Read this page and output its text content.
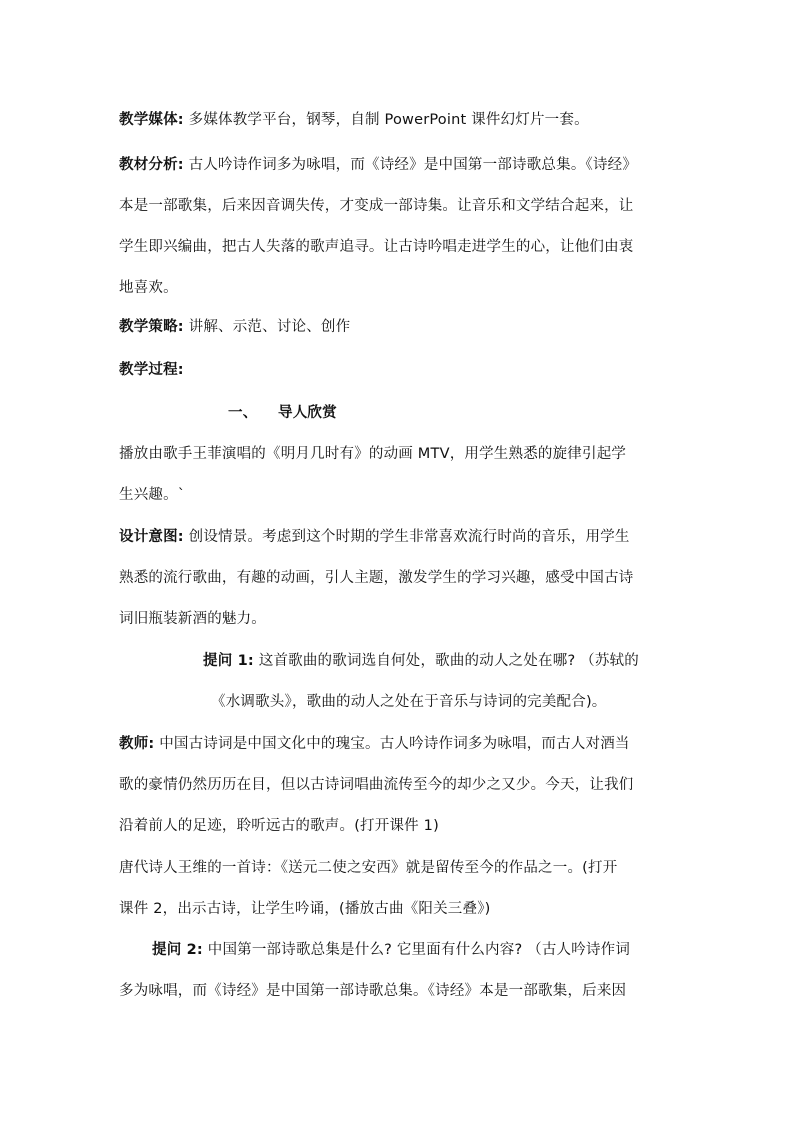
教学媒体: 多媒体教学平台，钢琴，自制 PowerPoint 课件幻灯片一套。

教材分析: 古人吟诗作词多为咏唱，而《诗经》是中国第一部诗歌总集。《诗经》
本是一部歌集，后来因音调失传，才变成一部诗集。让音乐和文学结合起来，让
学生即兴编曲，把古人失落的歌声追寻。让古诗吟唱走进学生的心，让他们由衷
地喜欢。

教学策略: 讲解、示范、讨论、创作

教学过程:

一、 导人欣赏

播放由歌手王菲演唱的《明月几时有》的动画 MTV，用学生熟悉的旋律引起学
生兴趣。`

设计意图: 创设情景。考虑到这个时期的学生非常喜欢流行时尚的音乐，用学生
熟悉的流行歌曲，有趣的动画，引人主题，激发学生的学习兴趣，感受中国古诗
词旧瓶装新酒的魅力。

提问 1: 这首歌曲的歌词选自何处，歌曲的动人之处在哪? （苏轼的
《水调歌头》，歌曲的动人之处在于音乐与诗词的完美配合)。

教师: 中国古诗词是中国文化中的瑰宝。古人吟诗作词多为咏唱，而古人对酒当
歌的豪情仍然历历在目，但以古诗词唱曲流传至今的却少之又少。今天，让我们
沿着前人的足迹，聆听远古的歌声。(打开课件 1)

唐代诗人王维的一首诗：《送元二使之安西》就是留传至今的作品之一。(打开
课件 2，出示古诗，让学生吟诵，(播放古曲《阳关三叠》)

提问 2: 中国第一部诗歌总集是什么? 它里面有什么内容? （古人吟诗作词
多为咏唱，而《诗经》是中国第一部诗歌总集。《诗经》本是一部歌集，后来因
